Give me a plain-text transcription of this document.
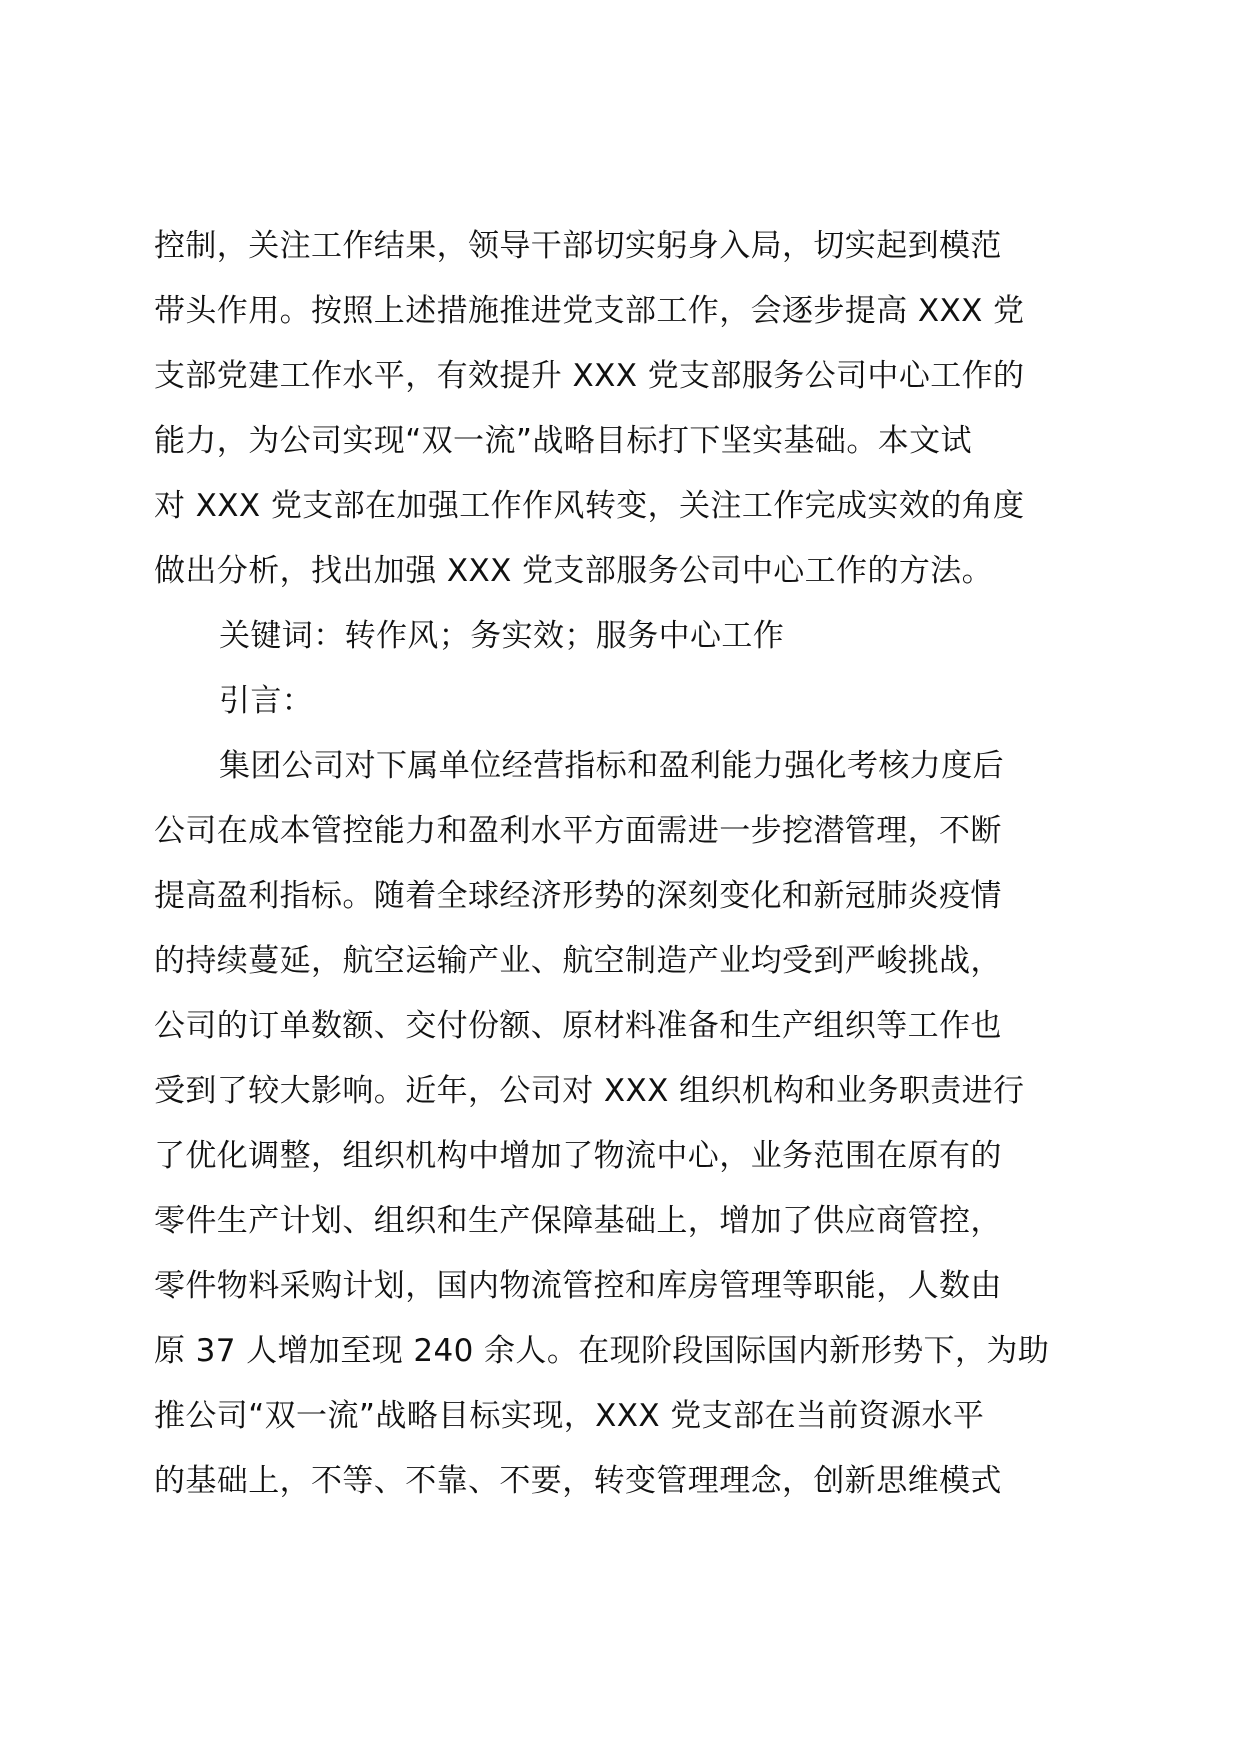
控制，关注工作结果，领导干部切实躬身入局，切实起到模范
带头作用。按照上述措施推进党支部工作，会逐步提高 XXX 党
支部党建工作水平，有效提升 XXX 党支部服务公司中心工作的
能力，为公司实现“双一流”战略目标打下坚实基础。本文试
对 XXX 党支部在加强工作作风转变，关注工作完成实效的角度
做出分析，找出加强 XXX 党支部服务公司中心工作的方法。
关键词：转作风；务实效；服务中心工作
引言：
集团公司对下属单位经营指标和盈利能力强化考核力度后
公司在成本管控能力和盈利水平方面需进一步挖潜管理，不断
提高盈利指标。随着全球经济形势的深刻变化和新冠肺炎疫情
的持续蔓延，航空运输产业、航空制造产业均受到严峻挑战，
公司的订单数额、交付份额、原材料准备和生产组织等工作也
受到了较大影响。近年，公司对 XXX 组织机构和业务职责进行
了优化调整，组织机构中增加了物流中心，业务范围在原有的
零件生产计划、组织和生产保障基础上，增加了供应商管控，
零件物料采购计划，国内物流管控和库房管理等职能，人数由
原 37 人增加至现 240 余人。在现阶段国际国内新形势下，为助
推公司“双一流”战略目标实现，XXX 党支部在当前资源水平
的基础上，不等、不靠、不要，转变管理理念，创新思维模式
